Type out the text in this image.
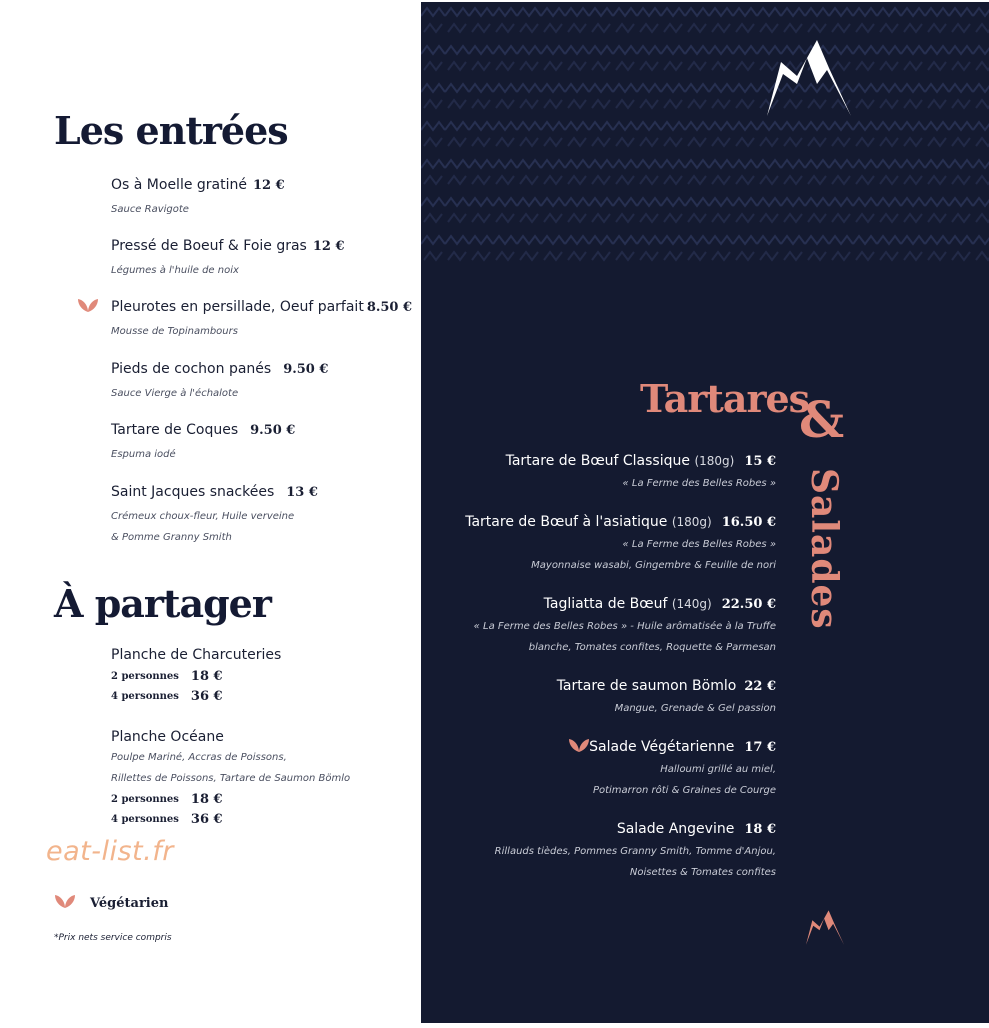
Les entrées
Os à Moelle gratiné 12 €
Sauce Ravigote
Pressé de Boeuf & Foie gras 12 €
Légumes à l'huile de noix
Pleurotes en persillade, Oeuf parfait 8.50 €
Mousse de Topinambours
Pieds de cochon panés 9.50 €
Sauce Vierge à l'échalote
Tartare de Coques 9.50 €
Espuma iodé
Saint Jacques snackées 13 €
Crémeux choux-fleur, Huile verveine
& Pomme Granny Smith
À partager
Planche de Charcuteries
2 personnes 18 €
4 personnes 36 €
Planche Océane
Poulpe Mariné, Accras de Poissons,
Rillettes de Poissons, Tartare de Saumon Bömlo
2 personnes 18 €
4 personnes 36 €
eat-list.fr
Végétarien
*Prix nets service compris
Tartares
&
Salades
Tartare de Bœuf Classique (180g) 15 €
« La Ferme des Belles Robes »
Tartare de Bœuf à l'asiatique (180g) 16.50 €
« La Ferme des Belles Robes »
Mayonnaise wasabi, Gingembre & Feuille de nori
Tagliatta de Bœuf (140g) 22.50 €
« La Ferme des Belles Robes » - Huile arômatisée à la Truffe
blanche, Tomates confites, Roquette & Parmesan
Tartare de saumon Bömlo 22 €
Mangue, Grenade & Gel passion
Salade Végétarienne 17 €
Halloumi grillé au miel,
Potimarron rôti & Graines de Courge
Salade Angevine 18 €
Rillauds tièdes, Pommes Granny Smith, Tomme d'Anjou,
Noisettes & Tomates confites
